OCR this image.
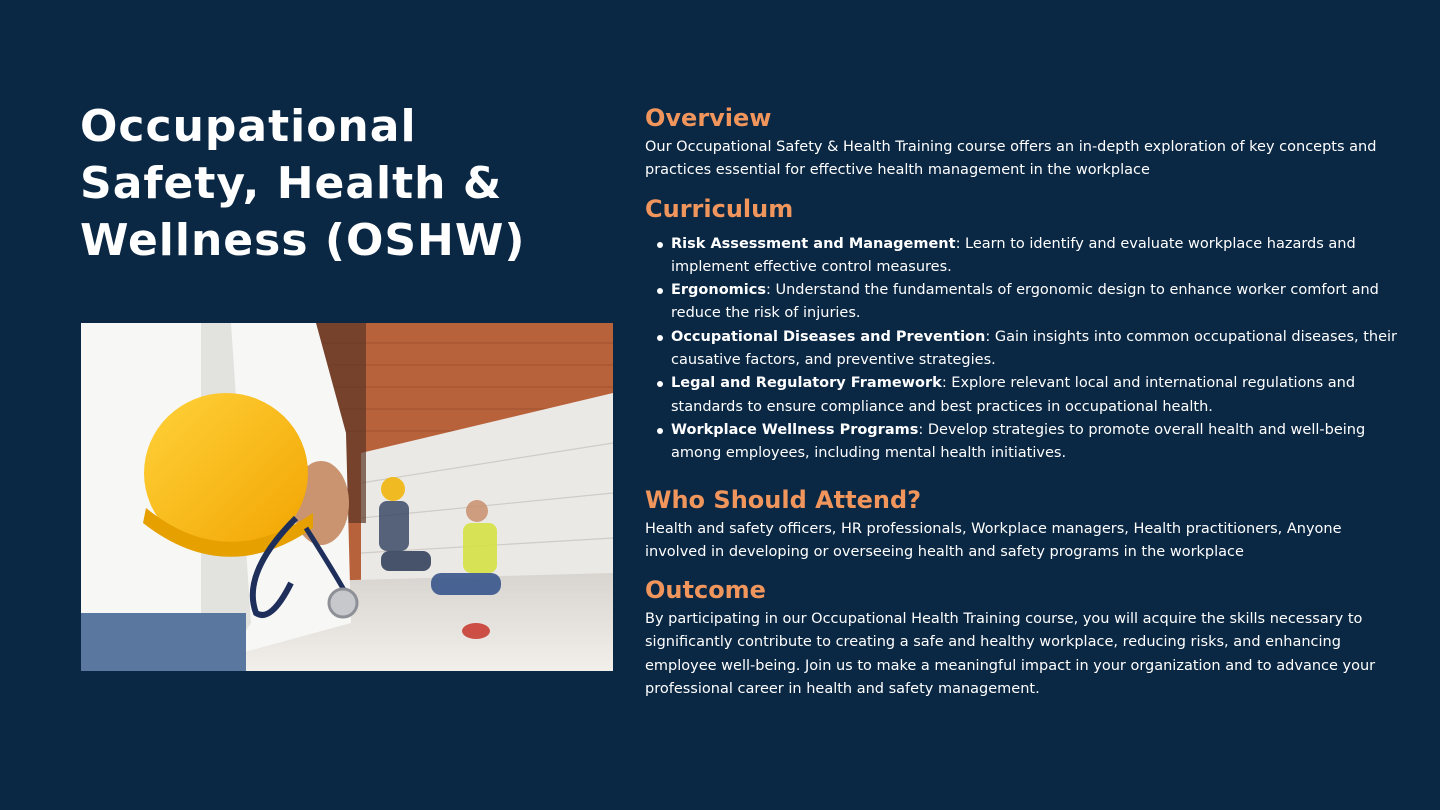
Occupational Safety, Health & Wellness (OSHW)
Overview

Our Occupational Safety & Health Training course offers an in-depth exploration of key concepts and practices essential for effective health management in the workplace

Curriculum
Risk Assessment and Management: Learn to identify and evaluate workplace hazards and implement effective control measures.
Ergonomics: Understand the fundamentals of ergonomic design to enhance worker comfort and reduce the risk of injuries.
Occupational Diseases and Prevention: Gain insights into common occupational diseases, their causative factors, and preventive strategies.
Legal and Regulatory Framework: Explore relevant local and international regulations and standards to ensure compliance and best practices in occupational health.
Workplace Wellness Programs: Develop strategies to promote overall health and well-being among employees, including mental health initiatives.
Who Should Attend?

Health and safety officers, HR professionals, Workplace managers, Health practitioners, Anyone involved in developing or overseeing health and safety programs in the workplace

Outcome

By participating in our Occupational Health Training course, you will acquire the skills necessary to significantly contribute to creating a safe and healthy workplace, reducing risks, and enhancing employee well-being. Join us to make a meaningful impact in your organization and to advance your professional career in health and safety management.
